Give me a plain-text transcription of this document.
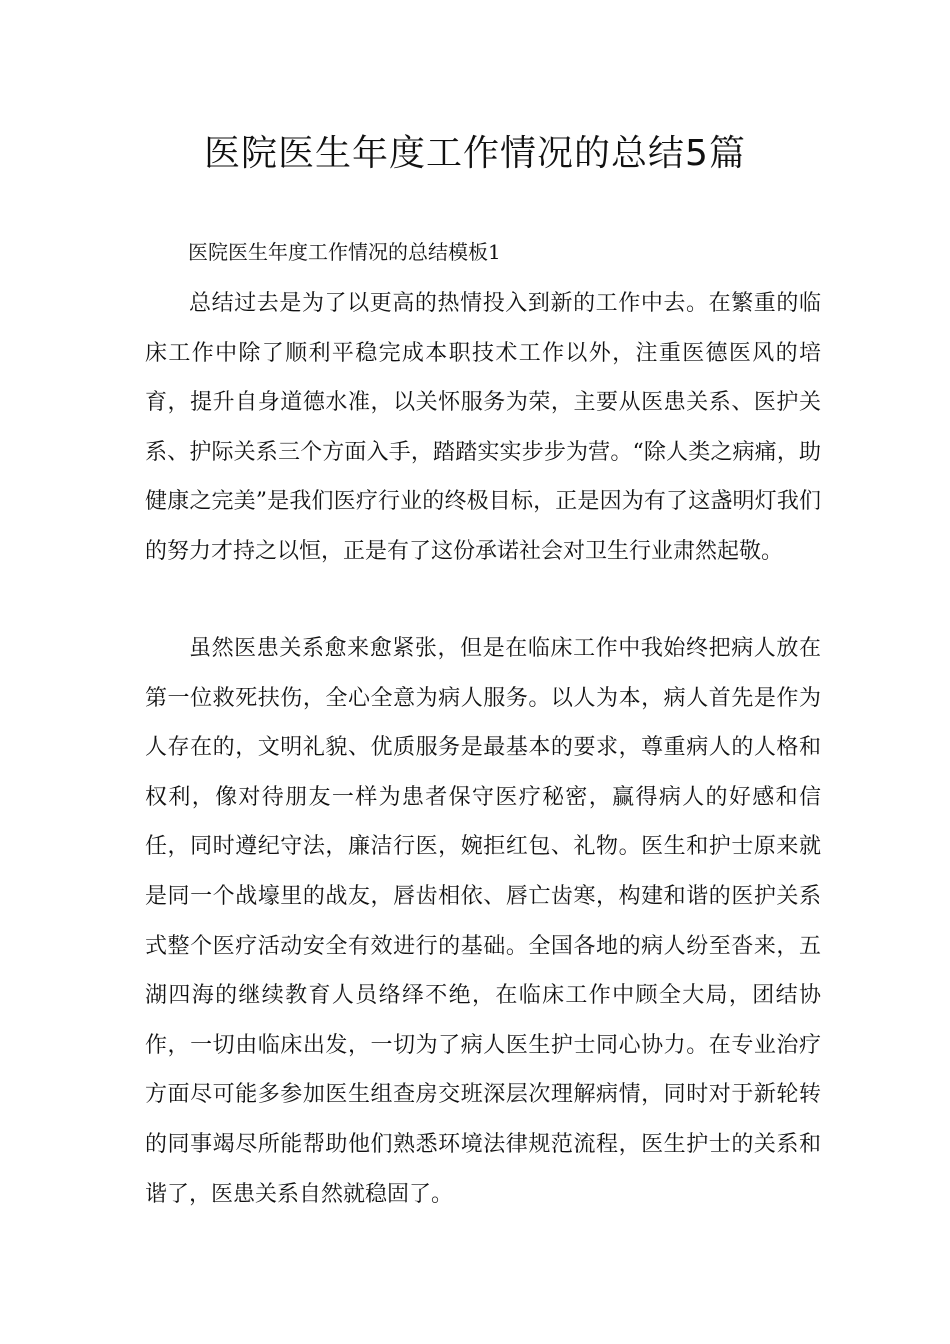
医院医生年度工作情况的总结5篇

医院医生年度工作情况的总结模板1

总结过去是为了以更高的热情投入到新的工作中去。在繁重的临床工作中除了顺利平稳完成本职技术工作以外，注重医德医风的培育，提升自身道德水准，以关怀服务为荣，主要从医患关系、医护关系、护际关系三个方面入手，踏踏实实步步为营。“除人类之病痛，助健康之完美”是我们医疗行业的终极目标，正是因为有了这盏明灯我们的努力才持之以恒，正是有了这份承诺社会对卫生行业肃然起敬。

虽然医患关系愈来愈紧张，但是在临床工作中我始终把病人放在第一位救死扶伤，全心全意为病人服务。以人为本，病人首先是作为人存在的，文明礼貌、优质服务是最基本的要求，尊重病人的人格和权利，像对待朋友一样为患者保守医疗秘密，赢得病人的好感和信任，同时遵纪守法，廉洁行医，婉拒红包、礼物。医生和护士原来就是同一个战壕里的战友，唇齿相依、唇亡齿寒，构建和谐的医护关系式整个医疗活动安全有效进行的基础。全国各地的病人纷至沓来，五湖四海的继续教育人员络绎不绝，在临床工作中顾全大局，团结协作，一切由临床出发，一切为了病人医生护士同心协力。在专业治疗方面尽可能多参加医生组查房交班深层次理解病情，同时对于新轮转的同事竭尽所能帮助他们熟悉环境法律规范流程，医生护士的关系和谐了，医患关系自然就稳固了。
